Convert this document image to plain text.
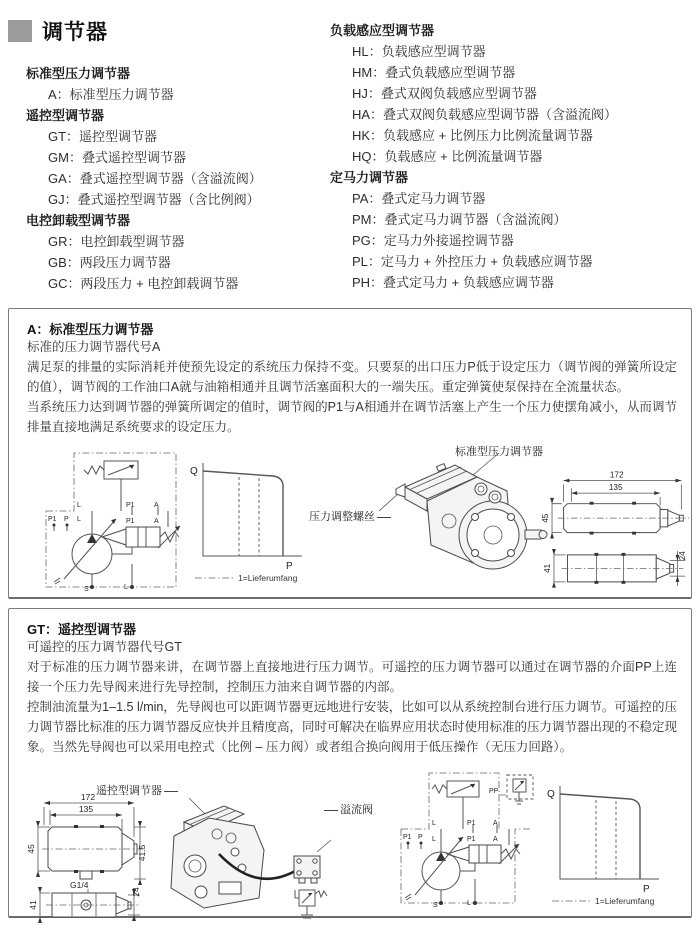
调节器
标准型压力调节器
A：标准型压力调节器
遥控型调节器
GT：遥控型调节器
GM：叠式遥控型调节器
GA：叠式遥控型调节器（含溢流阀）
GJ：叠式遥控型调节器（含比例阀）
电控卸载型调节器
GR：电控卸载型调节器
GB：两段压力调节器
GC：两段压力 + 电控卸载调节器
负载感应型调节器
HL：负载感应型调节器
HM：叠式负载感应型调节器
HJ：叠式双阀负载感应型调节器
HA：叠式双阀负载感应型调节器（含溢流阀）
HK：负载感应 + 比例压力比例流量调节器
HQ：负载感应 + 比例流量调节器
定马力调节器
PA：叠式定马力调节器
PM：叠式定马力调节器（含溢流阀）
PG：定马力外接遥控调节器
PL：定马力 + 外控压力 + 负载感应调节器
PH：叠式定马力 + 负载感应调节器
A：标准型压力调节器

标准的压力调节器代号A

满足泵的排量的实际消耗并使预先设定的系统压力保持不变。只要泵的出口压力P低于设定压力（调节阀的弹簧所设定的值），调节阀的工作油口A就与油箱相通并且调节活塞面积大的一端失压。重定弹簧使泵保持在全流量状态。

当系统压力达到调节器的弹簧所调定的值时，调节阀的P1与A相通并在调节活塞上产生一个压力使摆角减小，从而调节排量直接地满足系统要求的设定压力。

P1	A
P1	A
P1 P
L
L
L
S
Q
P
1=Lieferumfang
压力调整螺丝
标准型压力调节器
172
135
45
41
24
GT：遥控型调节器

可遥控的压力调节器代号GT

对于标准的压力调节器来讲，在调节器上直接地进行压力调节。可遥控的压力调节器可以通过在调节器的介面PP上连接一个压力先导阀来进行先导控制，控制压力油来自调节器的内部。

控制油流量为1–1.5 l/min，先导阀也可以距调节器更远地进行安装，比如可以从系统控制台进行压力调节。可遥控的压力调节器比标准的压力调节器反应快并且精度高，同时可解决在临界应用状态时使用标准的压力调节器出现的不稳定现象。当然先导阀也可以采用电控式（比例 – 压力阀）或者组合换向阀用于低压操作（无压力回路）。

172
135
45	41.5
G1/4
41
24
遥控型调节器
溢流阀
PP
P1 A
P1 A
P1 P
L
L
L
S
Q
P
1=Lieferumfang
